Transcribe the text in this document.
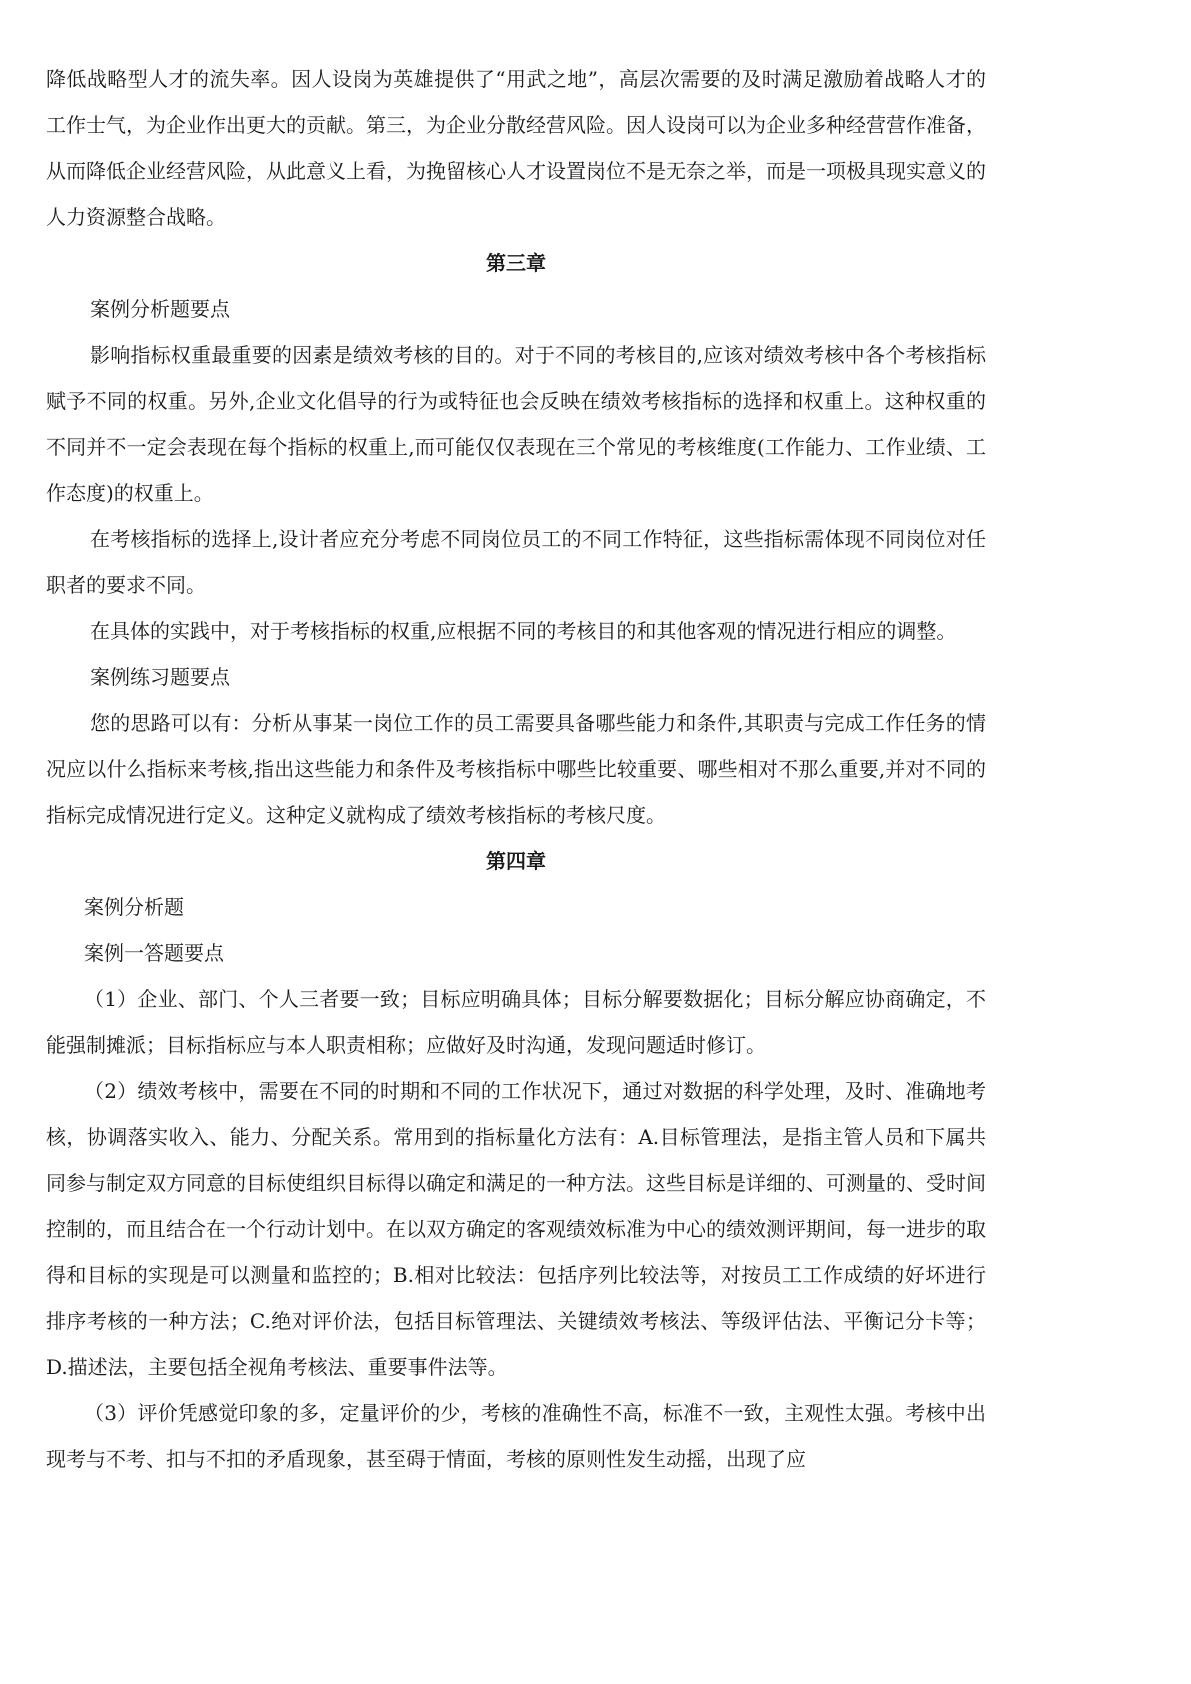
降低战略型人才的流失率。因人设岗为英雄提供了“用武之地”，高层次需要的及时满足激励着战略人才的工作士气，为企业作出更大的贡献。第三，为企业分散经营风险。因人设岗可以为企业多种经营营作准备，从而降低企业经营风险，从此意义上看，为挽留核心人才设置岗位不是无奈之举，而是一项极具现实意义的人力资源整合战略。

第三章

案例分析题要点

影响指标权重最重要的因素是绩效考核的目的。对于不同的考核目的,应该对绩效考核中各个考核指标赋予不同的权重。另外,企业文化倡导的行为或特征也会反映在绩效考核指标的选择和权重上。这种权重的不同并不一定会表现在每个指标的权重上,而可能仅仅表现在三个常见的考核维度(工作能力、工作业绩、工作态度)的权重上。

在考核指标的选择上,设计者应充分考虑不同岗位员工的不同工作特征，这些指标需体现不同岗位对任职者的要求不同。

在具体的实践中，对于考核指标的权重,应根据不同的考核目的和其他客观的情况进行相应的调整。

案例练习题要点

您的思路可以有：分析从事某一岗位工作的员工需要具备哪些能力和条件,其职责与完成工作任务的情况应以什么指标来考核,指出这些能力和条件及考核指标中哪些比较重要、哪些相对不那么重要,并对不同的指标完成情况进行定义。这种定义就构成了绩效考核指标的考核尺度。

第四章

案例分析题

案例一答题要点

（1）企业、部门、个人三者要一致；目标应明确具体；目标分解要数据化；目标分解应协商确定，不能强制摊派；目标指标应与本人职责相称；应做好及时沟通，发现问题适时修订。

（2）绩效考核中，需要在不同的时期和不同的工作状况下，通过对数据的科学处理，及时、准确地考核，协调落实收入、能力、分配关系。常用到的指标量化方法有：A.目标管理法，是指主管人员和下属共同参与制定双方同意的目标使组织目标得以确定和满足的一种方法。这些目标是详细的、可测量的、受时间控制的，而且结合在一个行动计划中。在以双方确定的客观绩效标准为中心的绩效测评期间，每一进步的取得和目标的实现是可以测量和监控的；B.相对比较法：包括序列比较法等，对按员工工作成绩的好坏进行排序考核的一种方法；C.绝对评价法，包括目标管理法、关键绩效考核法、等级评估法、平衡记分卡等；D.描述法，主要包括全视角考核法、重要事件法等。

（3）评价凭感觉印象的多，定量评价的少，考核的准确性不高，标准不一致，主观性太强。考核中出现考与不考、扣与不扣的矛盾现象，甚至碍于情面，考核的原则性发生动摇，出现了应
